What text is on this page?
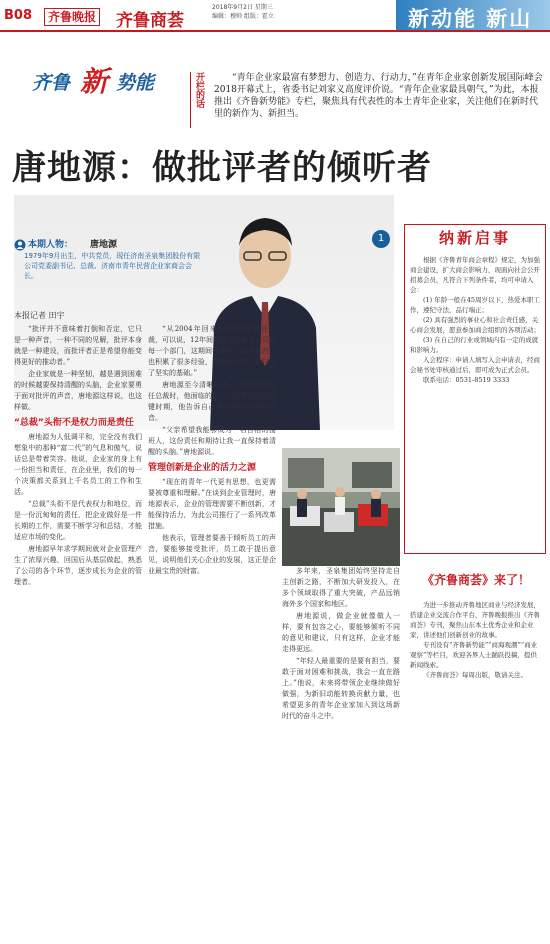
B08	齐鲁晚报 齐鲁商荟
2018年9月2日 星期三
编辑：穆帅 组版：霍立	新动能 新山东
齐鲁 新 势能	开栏的话	“青年企业家最富有梦想力、创造力、行动力，”在青年企业家创新发展国际峰会2018开幕式上，省委书记刘家义高度评价说。“青年企业家最具朝气，”为此，本报推出《齐鲁新势能》专栏，聚焦具有代表性的本土青年企业家，关注他们在新时代里的新作为、新担当。
唐地源：做批评者的倾听者
本期人物： 唐地源
1979年9月出生，中共党员，现任济南圣泉集团股份有限公司党委副书记、总裁、济南市青年民营企业家商会会长。
1
本报记者 田宇

“批评并不意味着打倒和否定，它只是一种声音，一种不同的见解，批评本身就是一种建设，而批评者正是希望你能变得更好的推动者。”

企业家就是一种坚韧，越是遇到困难的时候越要保持清醒的头脑，企业家要勇于面对批评的声音，唐地源这样说，也这样做。

“总裁”头衔不是权力而是责任

唐地源为人低调平和，完全没有我们想象中的那种“富二代”的气息和傲气，说话总是带着笑容。他说，企业家的身上有一份担当和责任，在企业里，我们的每一个决策都关系到上千名员工的工作和生活。

“总裁”头衔不是代表权力和地位，而是一份沉甸甸的责任，把企业做好是一件长期的工作，需要不断学习和总结，才能适应市场的变化。

唐地源早年求学期间就对企业管理产生了浓厚兴趣，回国后从基层做起，熟悉了公司的各个环节，逐步成长为企业的管理者。

“从2004年回来到2016年担任总裁，可以说，12年间我几乎走遍了公司的每一个部门，这期间我学到了很多东西，也积累了很多经验，为我后来的工作打下了坚实的基础。”

唐地源至今清晰记得，在2016年接任总裁时，他面临的是公司转型升级的关键时期，他告诉自己要多听听不同的声音。

“父亲希望我能够成为一名合格的接班人，这份责任和期待让我一直保持着清醒的头脑。”唐地源说。

管理创新是企业的活力之源

“现在的青年一代更有思想，也更需要被尊重和理解。”在谈到企业管理时，唐地源表示，企业的管理需要不断创新，才能保持活力，为此公司推行了一系列改革措施。

他表示，管理者要善于倾听员工的声音，要能够接受批评，员工敢于提出意见，说明他们关心企业的发展，这正是企业最宝贵的财富。	多年来，圣泉集团始终坚持走自主创新之路，不断加大研发投入，在多个领域取得了重大突破，产品远销海外多个国家和地区。

唐地源说，做企业就像做人一样，要有包容之心，要能够倾听不同的意见和建议，只有这样，企业才能走得更远。

“年轻人最重要的是要有担当，要敢于面对困难和挑战，我会一直在路上。”他说，未来将带领企业继续做好做强，为新旧动能转换贡献力量，也希望更多的青年企业家加入到这场新时代的奋斗之中。

纳新启事

根据《齐鲁青年商会章程》规定，为加强商会建设，扩大商会影响力，现面向社会公开招募会员，凡符合下列条件者，均可申请入会：

(1) 年龄一般在45周岁以下，热爱本职工作，遵纪守法，品行端正；

(2) 具有强烈的事业心和社会责任感，关心商会发展，愿意参加商会组织的各项活动；

(3) 在自己的行业或领域内有一定的成就和影响力。

入会程序：申请人填写入会申请表，经商会秘书处审核通过后，即可成为正式会员。

联系电话：0531-8519 3333

《齐鲁商荟》来了！

为进一步推动齐鲁地区商业与经济发展，搭建企业交流合作平台，齐鲁晚报推出《齐鲁商荟》专刊，聚焦山东本土优秀企业和企业家，讲述他们创新创业的故事。

专刊设有“齐鲁新势能”“商海观潮”“商业观察”等栏目，欢迎各界人士踊跃投稿，提供新闻线索。

《齐鲁商荟》每周出版，敬请关注。
